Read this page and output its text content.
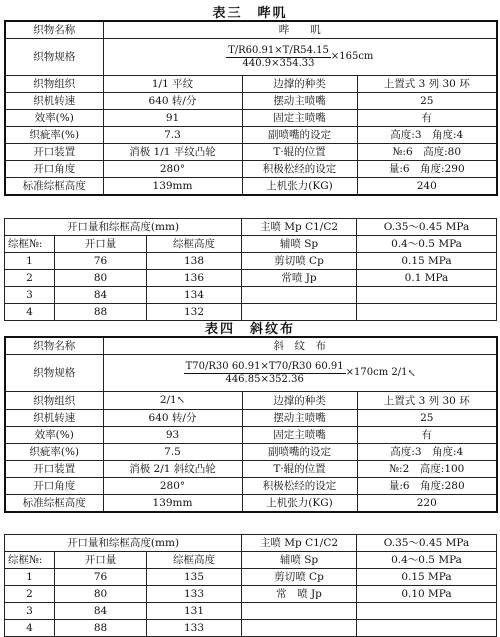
表三　哔叽
织物名称	哔　　叽		
织物规格	$\frac{T/R60.91\times T/R54.15}{440.9\times 354.33} \times 165cm$		
织物组织	1/1 平纹	边撑的种类	上置式 3 列 30 环
织机转速	640 转/分	摆动主喷嘴	25
效率(%)	91	固定主喷嘴	有
织疵率(%)	7.3	副喷嘴的设定	高度:3　角度:4
开口装置	消极 1/1 平纹凸轮	T·辊的位置	№:6　高度:80
开口角度	280°	积极松经的设定	量:6　角度:290
标准综框高度	139mm	上机张力(KG)	240
开口量和综框高度(mm)			主喷 Mp C1/C2	O.35～0.45 MPa
综框№:	开口量	综框高度	辅喷 Sp	0.4～0.5 MPa
1	76	138	剪切喷 Cp	0.15 MPa
2	80	136	常喷 Jp	0.1 MPa
3	84	134		
4	88	132		
表四　斜纹布
织物名称	斜　纹　布		
织物规格	$\frac{T70/R30 60.91\times T70/R30 60.91}{446.85\times 352.36} \times 170cm$ 2/1↖		
织物组织	2/1↖	边撑的种类	上置式 3 列 30 环
织机转速	640 转/分	摆动主喷嘴	25
效率(%)	93	固定主喷嘴	有
织疵率(%)	7.5	副喷嘴的设定	高度:3　角度:4
开口装置	消极 2/1 斜纹凸轮	T·辊的位置	№:2　高度:100
开口角度	280°	积极松经的设定	量:6　角度:280
标准综框高度	139mm	上机张力(KG)	220
开口量和综框高度(mm)			主喷 Mp C1/C2	O.35～0.45 MPa
综框№:	开口量	综框高度	辅喷 Sp	0.4～0.5 MPa
1	76	135	剪切喷 Cp	0.15 MPa
2	80	133	常　喷 Jp	0.10 MPa
3	84	131		
4	88	133		
